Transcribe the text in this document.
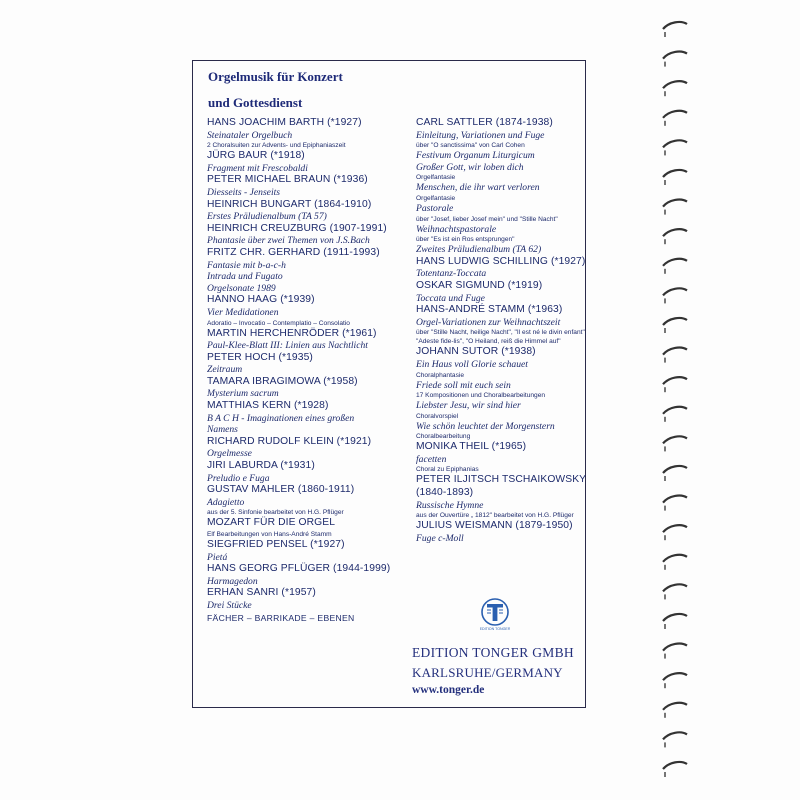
Orgelmusik für Konzert
und Gottesdienst
HANS JOACHIM BARTH (*1927)
Steinataler Orgelbuch
2 Choralsuiten zur Advents- und Epiphaniaszeit
JÜRG BAUR (*1918)
Fragment mit Frescobaldi
PETER MICHAEL BRAUN (*1936)
Diesseits - Jenseits
HEINRICH BUNGART (1864-1910)
Erstes Präludienalbum (TA 57)
HEINRICH CREUZBURG (1907-1991)
Phantasie über zwei Themen von J.S.Bach
FRITZ CHR. GERHARD (1911-1993)
Fantasie mit b-a-c-h
Intrada und Fugato
Orgelsonate 1989
HANNO HAAG (*1939)
Vier Medidationen
Adoratio – Invocatio – Contemplatio – Consolatio
MARTIN HERCHENRÖDER (*1961)
Paul-Klee-Blatt III: Linien aus Nachtlicht
PETER HOCH (*1935)
Zeitraum
TAMARA IBRAGIMOWA (*1958)
Mysterium sacrum
MATTHIAS KERN (*1928)
B A C H - Imaginationen eines großen
Namens
RICHARD RUDOLF KLEIN (*1921)
Orgelmesse
JIRI LABURDA (*1931)
Preludio e Fuga
GUSTAV MAHLER (1860-1911)
Adagietto
aus der 5. Sinfonie bearbeitet von H.G. Pflüger
MOZART FÜR DIE ORGEL
Elf Bearbeitungen von Hans-André Stamm
SIEGFRIED PENSEL (*1927)
Pietá
HANS GEORG PFLÜGER (1944-1999)
Harmagedon
ERHAN SANRI (*1957)
Drei Stücke
FÄCHER – BARRIKADE – EBENEN
CARL SATTLER (1874-1938)
Einleitung, Variationen und Fuge
über "O sanctissima" von Carl Cohen
Festivum Organum Liturgicum
Großer Gott, wir loben dich
Orgelfantasie
Menschen, die ihr wart verloren
Orgelfantasie
Pastorale
über "Josef, lieber Josef mein" und "Stille Nacht"
Weihnachtspastorale
über "Es ist ein Ros entsprungen"
Zweites Präludienalbum (TA 62)
HANS LUDWIG SCHILLING (*1927)
Totentanz-Toccata
OSKAR SIGMUND (*1919)
Toccata und Fuge
HANS-ANDRÉ STAMM (*1963)
Orgel-Variationen zur Weihnachtszeit
über "Stille Nacht, heilige Nacht", "Il est né le divin enfant", "Adeste fide-lis", "O Heiland, reiß die Himmel auf"
JOHANN SUTOR (*1938)
Ein Haus voll Glorie schauet
Choralphantasie
Friede soll mit euch sein
17 Kompositionen und Choralbearbeitungen
Liebster Jesu, wir sind hier
Choralvorspiel
Wie schön leuchtet der Morgenstern
Choralbearbeitung
MONIKA THEIL (*1965)
facetten
Choral zu Epiphanias
PETER ILJITSCH TSCHAIKOWSKY
(1840-1893)
Russische Hymne
aus der Ouvertüre „ 1812" bearbeitet von H.G. Pflüger
JULIUS WEISMANN (1879-1950)
Fuge c-Moll
EDITION TONGER
EDITION TONGER GMBH
KARLSRUHE/GERMANY
www.tonger.de
